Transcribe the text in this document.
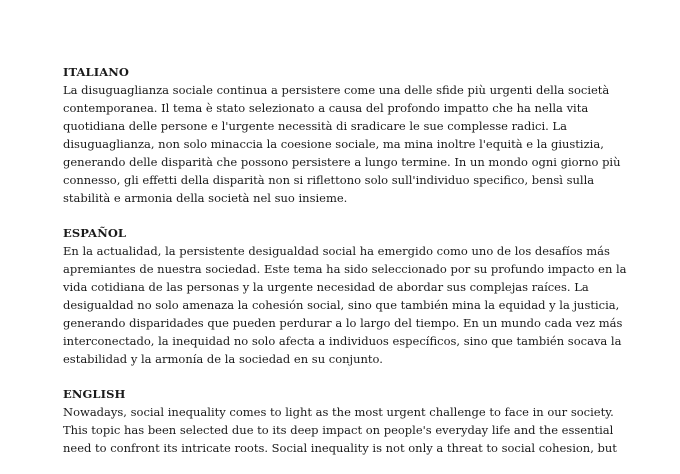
ITALIANO

La disuguaglianza sociale continua a persistere come una delle sfide più urgenti della società
contemporanea. Il tema è stato selezionato a causa del profondo impatto che ha nella vita
quotidiana delle persone e l'urgente necessità di sradicare le sue complesse radici. La
disuguaglianza, non solo minaccia la coesione sociale, ma mina inoltre l'equità e la giustizia,
generando delle disparità che possono persistere a lungo termine. In un mondo ogni giorno più
connesso, gli effetti della disparità non si riflettono solo sull'individuo specifico, bensì sulla
stabilità e armonia della società nel suo insieme.

ESPAÑOL

En la actualidad, la persistente desigualdad social ha emergido como uno de los desafíos más
apremiantes de nuestra sociedad. Este tema ha sido seleccionado por su profundo impacto en la
vida cotidiana de las personas y la urgente necesidad de abordar sus complejas raíces. La
desigualdad no solo amenaza la cohesión social, sino que también mina la equidad y la justicia,
generando disparidades que pueden perdurar a lo largo del tiempo. En un mundo cada vez más
interconectado, la inequidad no solo afecta a individuos específicos, sino que también socava la
estabilidad y la armonía de la sociedad en su conjunto.

ENGLISH

Nowadays, social inequality comes to light as the most urgent challenge to face in our society.
This topic has been selected due to its deep impact on people's everyday life and the essential
need to confront its intricate roots. Social inequality is not only a threat to social cohesion, but
